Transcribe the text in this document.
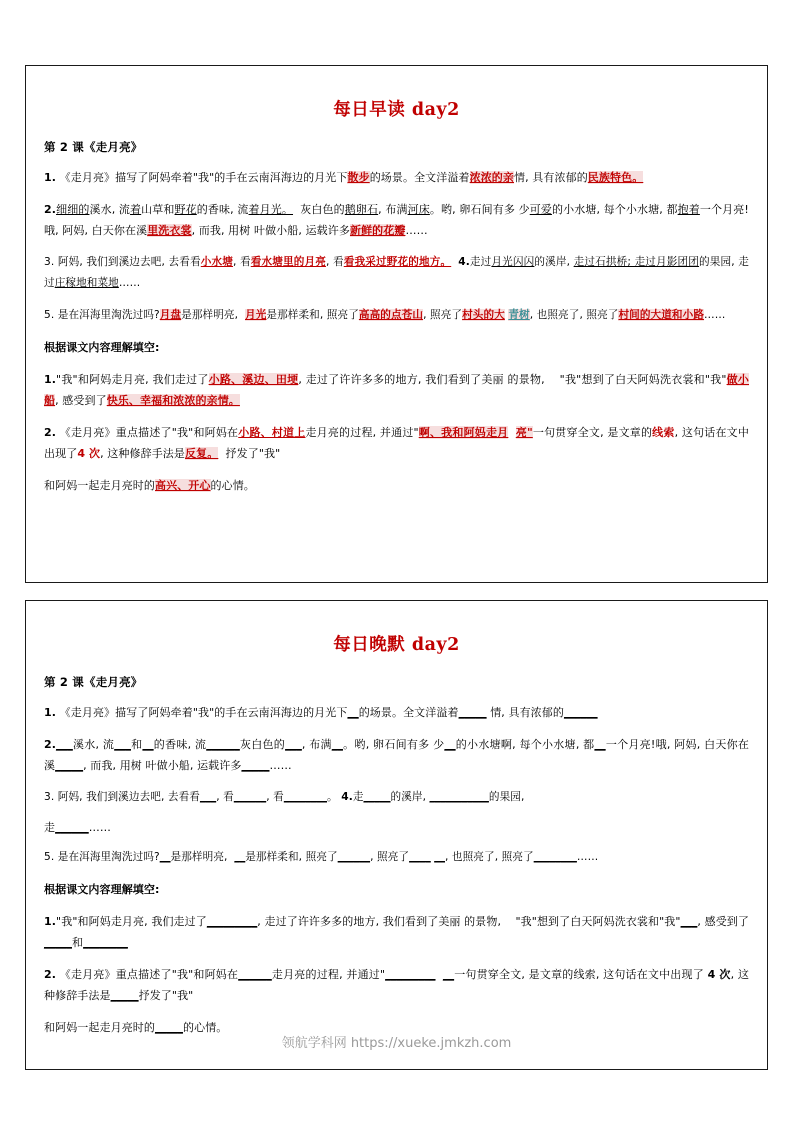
每日早读 day2
第 2 课《走月亮》

1. 《走月亮》描写了阿妈牵着"我"的手在云南洱海边的月光下散步的场景。全文洋溢着浓浓的亲情, 具有浓郁的民族特色。

2.细细的溪水, 流着山草和野花的香味, 流着月光。 灰白色的鹅卵石, 布满河床。哟, 卵石间有多 少可爱的小水塘, 每个小水塘, 都抱着一个月亮!哦, 阿妈, 白天你在溪里洗衣裳, 而我, 用树 叶做小船, 运载许多新鲜的花瓣……

3. 阿妈, 我们到溪边去吧, 去看看小水塘, 看看水塘里的月亮, 看看我采过野花的地方。 4.走过月光闪闪的溪岸, 走过石拱桥; 走过月影团团的果园, 走过庄稼地和菜地……

5. 是在洱海里淘洗过吗?月盘是那样明亮, 月光是那样柔和, 照亮了高高的点苍山, 照亮了村头的大 青树, 也照亮了, 照亮了村间的大道和小路……

根据课文内容理解填空:

1."我"和阿妈走月亮, 我们走过了小路、溪边、田埂, 走过了许许多多的地方, 我们看到了美丽 的景物, "我"想到了白天阿妈洗衣裳和"我"做小船, 感受到了快乐、幸福和浓浓的亲情。

2. 《走月亮》重点描述了"我"和阿妈在小路、村道上走月亮的过程, 并通过"啊、我和阿妈走月 亮"一句贯穿全文, 是文章的线索, 这句话在文中出现了4 次, 这种修辞手法是反复。 抒发了"我"

和阿妈一起走月亮时的高兴、开心的心情。

每日晚默 day2
第 2 课《走月亮》

1. 《走月亮》描写了阿妈牵着"我"的手在云南洱海边的月光下__的场景。全文洋溢着_____ 情, 具有浓郁的______

2.___溪水, 流___和__的香味, 流______灰白色的___, 布满__。哟, 卵石间有多 少__的小水塘啊, 每个小水塘, 都__一个月亮!哦, 阿妈, 白天你在溪_____, 而我, 用树 叶做小船, 运载许多_____……

3. 阿妈, 我们到溪边去吧, 去看看___, 看______, 看________。 4.走_____的溪岸, ___________的果园,

走______……

5. 是在洱海里淘洗过吗?__是那样明亮, __是那样柔和, 照亮了______, 照亮了____ __, 也照亮了, 照亮了________……

根据课文内容理解填空:

1."我"和阿妈走月亮, 我们走过了_________, 走过了许许多多的地方, 我们看到了美丽 的景物, "我"想到了白天阿妈洗衣裳和"我"___, 感受到了_____和________

2. 《走月亮》重点描述了"我"和阿妈在______走月亮的过程, 并通过"_________ __一句贯穿全文, 是文章的线索, 这句话在文中出现了 4 次, 这种修辞手法是_____抒发了"我"

和阿妈一起走月亮时的_____的心情。

领航学科网 https://xueke.jmkzh.com
